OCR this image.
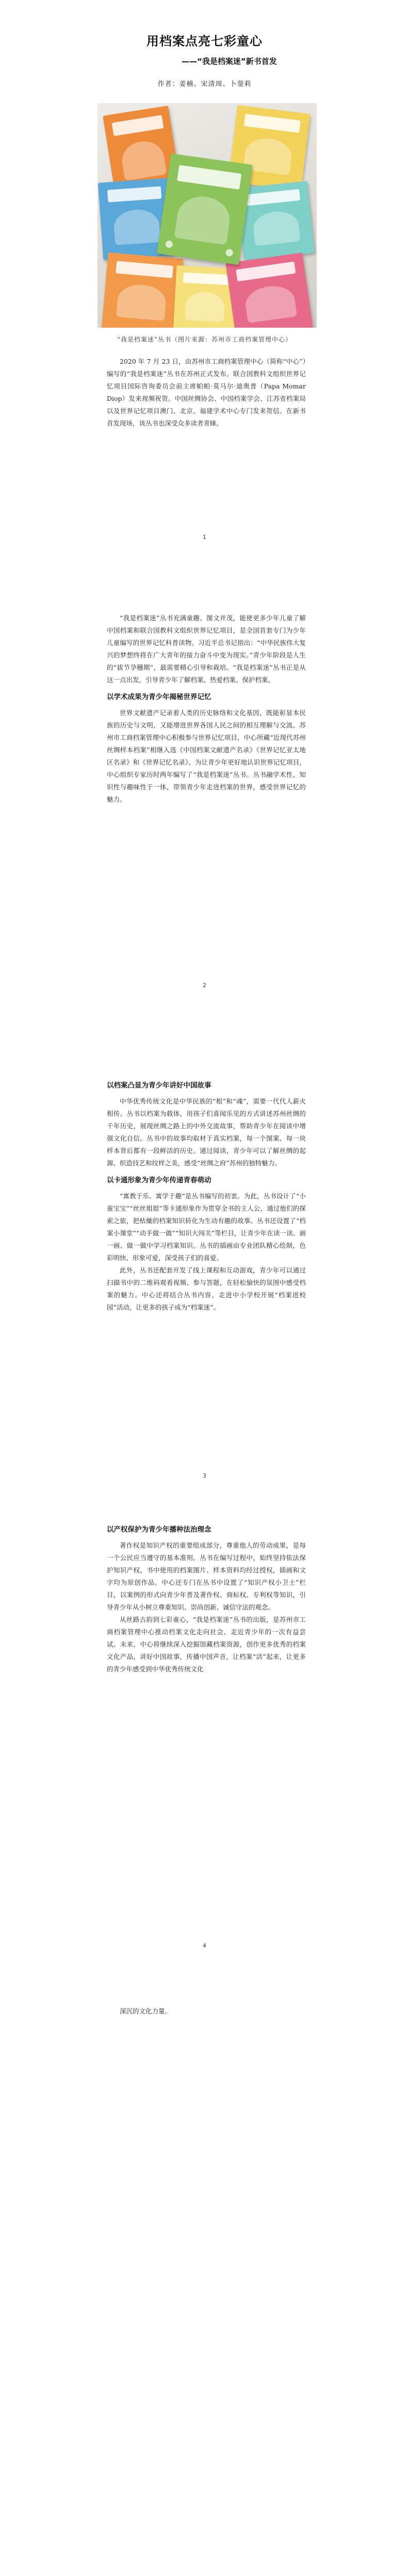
用档案点亮七彩童心
——“我是档案迷”新书首发
作者：姜楠、宋清周、卜蓥莉
“我是档案迷”丛书（图片来源：苏州市工商档案管理中心）

2020 年 7 月 23 日，由苏州市工商档案管理中心（简称“中心”）编写的“我是档案迷”丛书在苏州正式发布。联合国教科文组织世界记忆项目国际咨询委员会前主席帕帕·莫马尔·迪奥普（Papa Momar Diop）发来视频祝贺。中国丝绸协会、中国档案学会、江苏省档案局以及世界记忆项目澳门、北京、福建学术中心专门发来贺信。在新书首发现场，该丛书也深受众多读者青睐。

1

“我是档案迷”丛书充满童趣、图文并茂，能使更多少年儿童了解中国档案和联合国教科文组织世界记忆项目，是全国首套专门为少年儿童编写的世界记忆科普读物。习近平总书记指出：“中华民族伟大复兴的梦想终将在广大青年的接力奋斗中变为现实。”青少年阶段是人生的“拔节孕穗期”，最需要精心引导和栽培。“我是档案迷”丛书正是从这一点出发，引导青少年了解档案、热爱档案、保护档案。

以学术成果为青少年揭秘世界记忆

世界文献遗产记录着人类的历史脉络和文化基因，既能彰显本民族的历史与文明，又能增进世界各国人民之间的相互理解与交流。苏州市工商档案管理中心积极参与世界记忆项目，中心所藏“近现代苏州丝绸样本档案”相继入选《中国档案文献遗产名录》《世界记忆亚太地区名录》和《世界记忆名录》。为让青少年更好地认识世界记忆项目，中心组织专家历时两年编写了“我是档案迷”丛书。丛书融学术性、知识性与趣味性于一体，带领青少年走进档案的世界，感受世界记忆的魅力。

2
以档案凸显为青少年讲好中国故事

中华优秀传统文化是中华民族的“根”和“魂”，需要一代代人薪火相传。丛书以档案为载体，用孩子们喜闻乐见的方式讲述苏州丝绸的千年历史，展现丝绸之路上的中外交流故事，帮助青少年在阅读中增强文化自信。丛书中的故事均取材于真实档案，每一个图案、每一块样本背后都有一段鲜活的历史。通过阅读，青少年可以了解丝绸的起源、织造技艺和纹样之美，感受“丝绸之府”苏州的独特魅力。

以卡通形象为青少年传递青春萌动

“寓教于乐、寓学于趣”是丛书编写的初衷。为此，丛书设计了“小蚕宝宝”“丝丝姐姐”等卡通形象作为贯穿全书的主人公，通过他们的探索之旅，把枯燥的档案知识转化为生动有趣的故事。丛书还设置了“档案小课堂”“动手做一做”“知识大闯关”等栏目，让青少年在读一读、画一画、做一做中学习档案知识。丛书的插画由专业团队精心绘制，色彩明快、形象可爱，深受孩子们的喜爱。

此外，丛书还配套开发了线上课程和互动游戏，青少年可以通过扫描书中的二维码观看视频、参与答题，在轻松愉快的氛围中感受档案的魅力。中心还将结合丛书内容，走进中小学校开展“档案进校园”活动，让更多的孩子成为“档案迷”。

3
以产权保护为青少年播种法治理念

著作权是知识产权的重要组成部分，尊重他人的劳动成果，是每一个公民应当遵守的基本准则。丛书在编写过程中，始终坚持依法保护知识产权，书中使用的档案图片、样本资料均经过授权，插画和文字均为原创作品。中心还专门在丛书中设置了“知识产权小卫士”栏目，以案例的形式向青少年普及著作权、商标权、专利权等知识，引导青少年从小树立尊重知识、崇尚创新、诚信守法的观念。

从丝路古韵到七彩童心，“我是档案迷”丛书的出版，是苏州市工商档案管理中心推动档案文化走向社会、走近青少年的一次有益尝试。未来，中心将继续深入挖掘馆藏档案资源，创作更多优秀的档案文化产品，讲好中国故事，传播中国声音，让档案“活”起来，让更多的青少年感受到中华优秀传统文化

4

深沉的文化力量。
